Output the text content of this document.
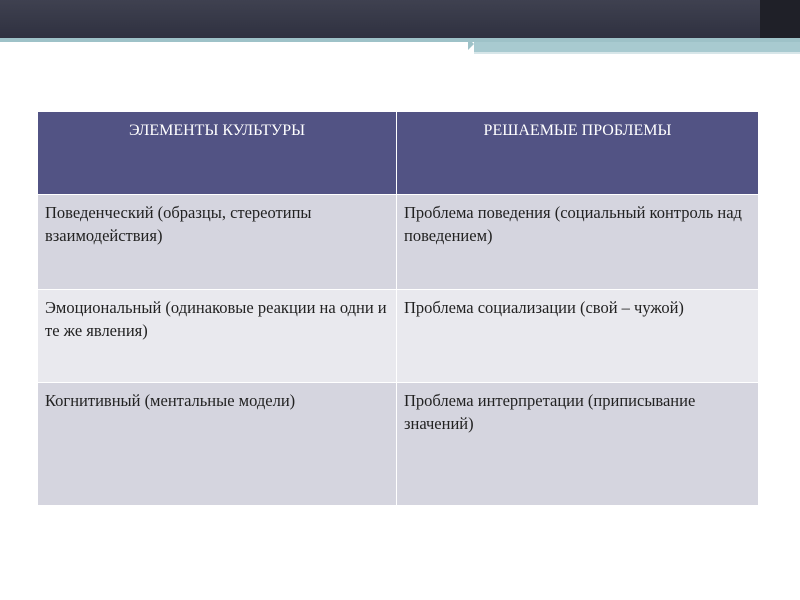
ЭЛЕМЕНТЫ КУЛЬТУРЫ	РЕШАЕМЫЕ ПРОБЛЕМЫ

Поведенческий (образцы, стереотипы взаимодействия)	Проблема поведения (социальный контроль над поведением)

Эмоциональный (одинаковые реакции на одни и те же явления)	Проблема социализации (свой – чужой)

Когнитивный (ментальные модели)	Проблема интерпретации (приписывание значений)
